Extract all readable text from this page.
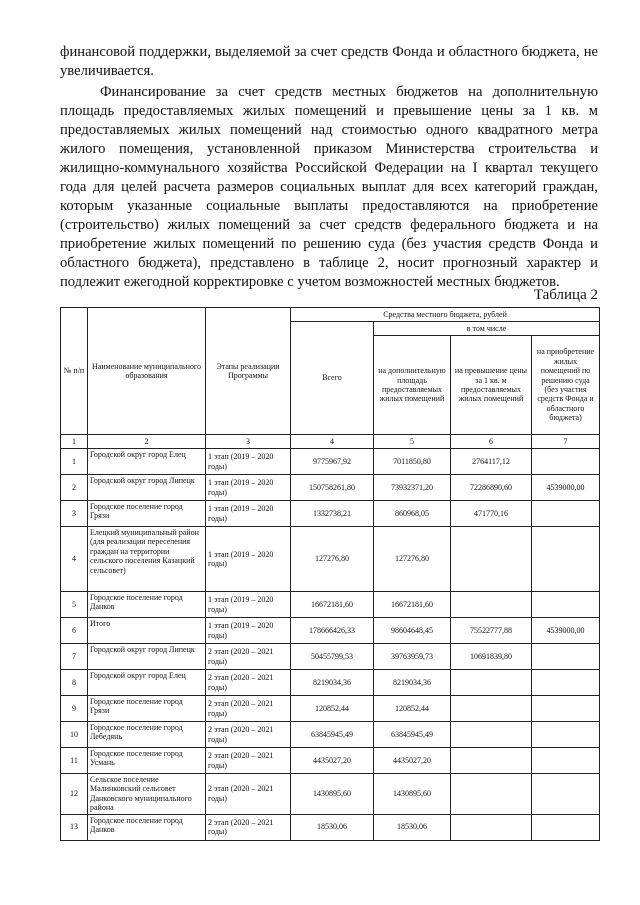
финансовой поддержки, выделяемой за счет средств Фонда и областного бюджета, не увеличивается.

Финансирование за счет средств местных бюджетов на дополнительную площадь предоставляемых жилых помещений и превышение цены за 1 кв. м предоставляемых жилых помещений над стоимостью одного квадратного метра жилого помещения, установленной приказом Министерства строительства и жилищно-коммунального хозяйства Российской Федерации на I квартал текущего года для целей расчета размеров социальных выплат для всех категорий граждан, которым указанные социальные выплаты предоставляются на приобретение (строительство) жилых помещений за счет средств федерального бюджета и на приобретение жилых помещений по решению суда (без участия средств Фонда и областного бюджета), представлено в таблице 2, носит прогнозный характер и подлежит ежегодной корректировке с учетом возможностей местных бюджетов.

Таблица 2

№ п/п	Наименование муниципального образования	Этапы реализации Программы	Средства местного бюджета, рублей			
			Всего	в том числе		
				на дополнительную площадь предоставляемых жилых помещений	на превышение цены за 1 кв. м предоставляемых жилых помещений	на приобретение жилых помещений по решению суда (без участия средств Фонда и областного бюджета)
1	2	3	4	5	6	7
1	Городской округ город Елец	1 этап (2019 – 2020 годы)	9775967,92	7011850,80	2764117,12	
2	Городской округ город Липецк	1 этап (2019 – 2020 годы)	150758261,80	73932371,20	72286890,60	4539000,00
3	Городское поселение город Грязи	1 этап (2019 – 2020 годы)	1332738,21	860968,05	471770,16	
4	Елецкий муниципальный район (для реализации переселения граждан на территории сельского поселения Казацкий сельсовет)	1 этап (2019 – 2020 годы)	127276,80	127276,80		
5	Городское поселение город Данков	1 этап (2019 – 2020 годы)	16672181,60	16672181,60		
6	Итого	1 этап (2019 – 2020 годы)	178666426,33	98604648,45	75522777,88	4539000,00
7	Городской округ город Липецк	2 этап (2020 – 2021 годы)	50455799,53	39763959,73	10691839,80	
8	Городской округ город Елец	2 этап (2020 – 2021 годы)	8219034,36	8219034,36		
9	Городское поселение город Грязи	2 этап (2020 – 2021 годы)	120852,44	120852,44		
10	Городское поселение город Лебедянь	2 этап (2020 – 2021 годы)	63845945,49	63845945,49		
11	Городское поселение город Усмань	2 этап (2020 – 2021 годы)	4435027,20	4435027,20		
12	Сельское поселение Малинковский сельсовет Данковского муниципального района	2 этап (2020 – 2021 годы)	1430895,60	1430895,60		
13	Городское поселение город Данков	2 этап (2020 – 2021 годы)	18530,06	18530,06		
